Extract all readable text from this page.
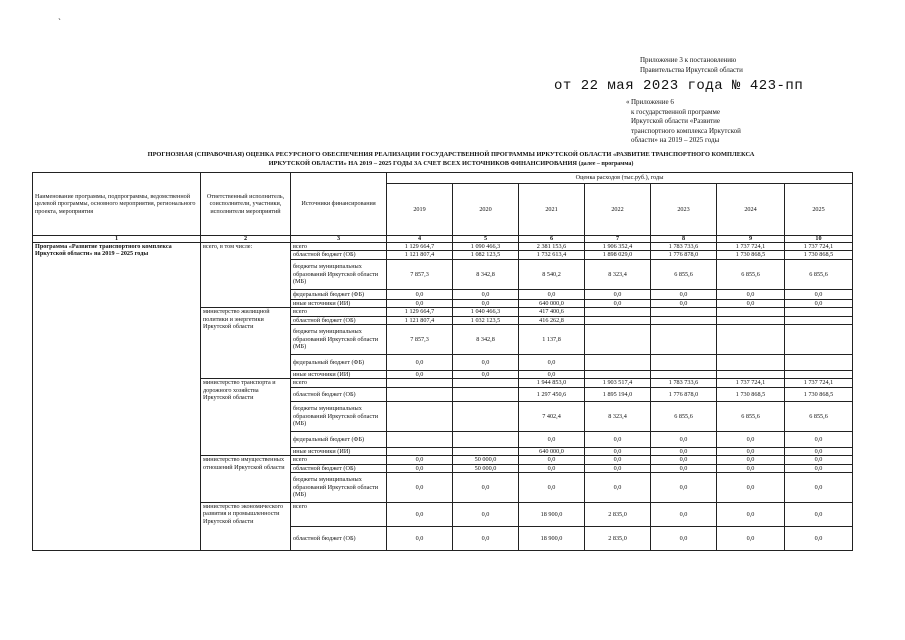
`
Приложение 3 к постановлению
Правительства Иркутской области
от 22 мая 2023 года № 423-пп
« Приложение 6
к государственной программе
Иркутской области «Развитие
транспортного комплекса Иркутской
области» на 2019 – 2025 годы
ПРОГНОЗНАЯ (СПРАВОЧНАЯ) ОЦЕНКА РЕСУРСНОГО ОБЕСПЕЧЕНИЯ РЕАЛИЗАЦИИ ГОСУДАРСТВЕННОЙ ПРОГРАММЫ ИРКУТСКОЙ ОБЛАСТИ «РАЗВИТИЕ ТРАНСПОРТНОГО КОМПЛЕКСА
ИРКУТСКОЙ ОБЛАСТИ» НА 2019 – 2025 ГОДЫ ЗА СЧЕТ ВСЕХ ИСТОЧНИКОВ ФИНАНСИРОВАНИЯ (далее – программа)
Наименование программы, подпрограммы, ведомственной целевой программы, основного мероприятия, регионального проекта, мероприятия	Ответственный исполнитель, соисполнители, участники, исполнители мероприятий	Источники финансирования	Оценка расходов (тыс.руб.), годы						
			2019	2020	2021	2022	2023	2024	2025
1	2	3	4	5	6	7	8	9	10
Программа «Развитие транспортного комплекса Иркутской области» на 2019 – 2025 годы	всего, в том числе:	всего	1 129 664,7	1 090 466,3	2 381 153,6	1 906 352,4	1 783 733,6	1 737 724,1	1 737 724,1
		областной бюджет (ОБ)	1 121 807,4	1 082 123,5	1 732 613,4	1 898 029,0	1 776 878,0	1 730 868,5	1 730 868,5
		бюджеты муниципальных образований Иркутской области (МБ)	7 857,3	8 342,8	8 540,2	8 323,4	6 855,6	6 855,6	6 855,6
		федеральный бюджет (ФБ)	0,0	0,0	0,0	0,0	0,0	0,0	0,0
		иные источники (ИИ)	0,0	0,0	640 000,0	0,0	0,0	0,0	0,0
	министерство жилищной политики и энергетики Иркутской области	всего	1 129 664,7	1 040 466,3	417 400,6				
		областной бюджет (ОБ)	1 121 807,4	1 032 123,5	416 262,8				
		бюджеты муниципальных образований Иркутской области (МБ)	7 857,3	8 342,8	1 137,8				
		федеральный бюджет (ФБ)	0,0	0,0	0,0				
		иные источники (ИИ)	0,0	0,0	0,0				
	министерство транспорта и дорожного хозяйства Иркутской области	всего			1 944 853,0	1 903 517,4	1 783 733,6	1 737 724,1	1 737 724,1
		областной бюджет (ОБ)			1 297 450,6	1 895 194,0	1 776 878,0	1 730 868,5	1 730 868,5
		бюджеты муниципальных образований Иркутской области (МБ)			7 402,4	8 323,4	6 855,6	6 855,6	6 855,6
		федеральный бюджет (ФБ)			0,0	0,0	0,0	0,0	0,0
		иные источники (ИИ)			640 000,0	0,0	0,0	0,0	0,0
	министерство имущественных отношений Иркутской области	всего	0,0	50 000,0	0,0	0,0	0,0	0,0	0,0
		областной бюджет (ОБ)	0,0	50 000,0	0,0	0,0	0,0	0,0	0,0
		бюджеты муниципальных образований Иркутской области (МБ)	0,0	0,0	0,0	0,0	0,0	0,0	0,0
	министерство экономического развития и промышленности Иркутской области	всего	0,0	0,0	18 900,0	2 835,0	0,0	0,0	0,0
		областной бюджет (ОБ)	0,0	0,0	18 900,0	2 835,0	0,0	0,0	0,0
